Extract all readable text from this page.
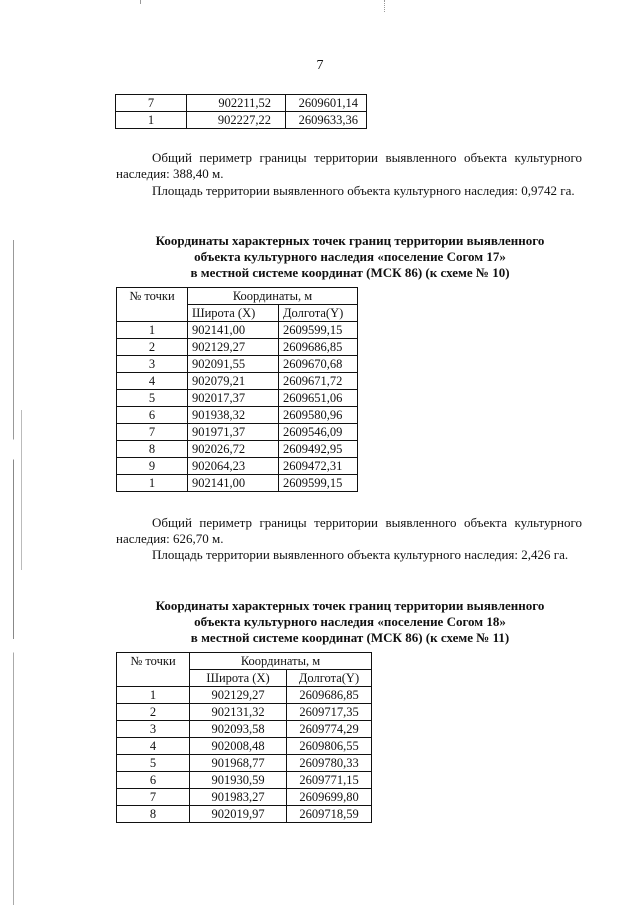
7
7	902211,52	2609601,14
1	902227,22	2609633,36
Общий периметр границы территории выявленного объекта культурного наследия: 388,40 м.
Площадь территории выявленного объекта культурного наследия: 0,9742 га.
Координаты характерных точек границ территории выявленного
объекта культурного наследия «поселение Согом 17»
в местной системе координат (МСК 86) (к схеме № 10)
№ точки	Координаты, м	
	Широта (X)	Долгота(Y)
1	902141,00	2609599,15
2	902129,27	2609686,85
3	902091,55	2609670,68
4	902079,21	2609671,72
5	902017,37	2609651,06
6	901938,32	2609580,96
7	901971,37	2609546,09
8	902026,72	2609492,95
9	902064,23	2609472,31
1	902141,00	2609599,15
Общий периметр границы территории выявленного объекта культурного наследия: 626,70 м.
Площадь территории выявленного объекта культурного наследия: 2,426 га.
Координаты характерных точек границ территории выявленного
объекта культурного наследия «поселение Согом 18»
в местной системе координат (МСК 86) (к схеме № 11)
№ точки	Координаты, м	
	Широта (X)	Долгота(Y)
1	902129,27	2609686,85
2	902131,32	2609717,35
3	902093,58	2609774,29
4	902008,48	2609806,55
5	901968,77	2609780,33
6	901930,59	2609771,15
7	901983,27	2609699,80
8	902019,97	2609718,59
